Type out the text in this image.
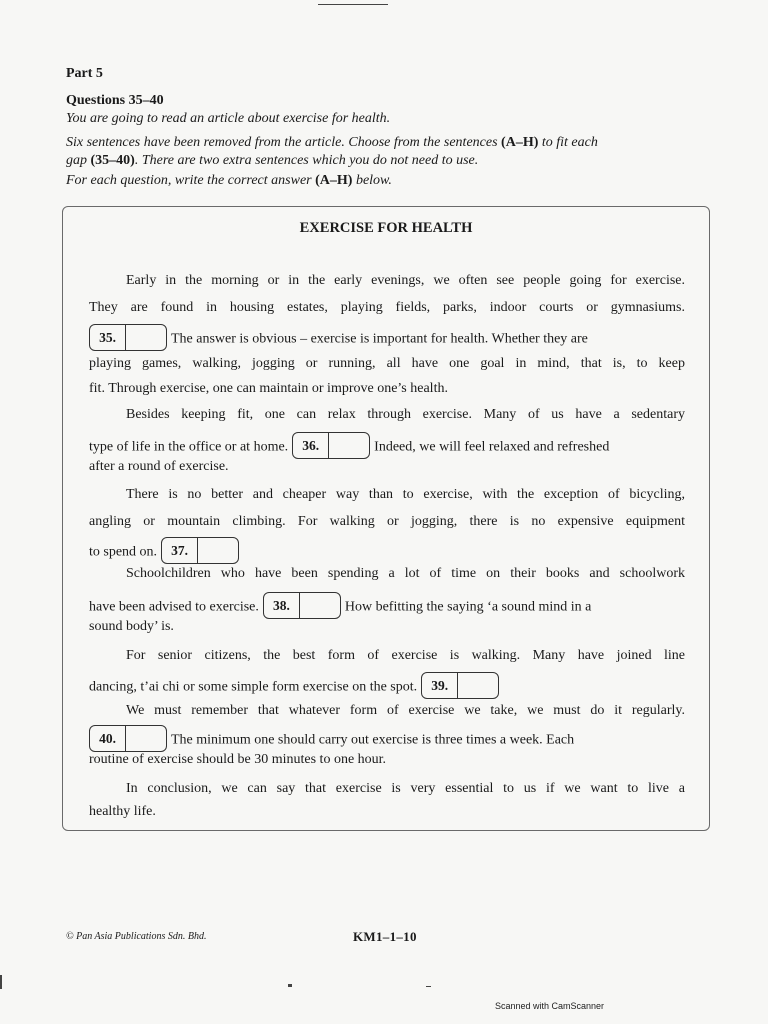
Part 5
Questions 35–40
You are going to read an article about exercise for health.
Six sentences have been removed from the article. Choose from the sentences (A–H) to fit each
gap (35–40). There are two extra sentences which you do not need to use.
For each question, write the correct answer (A–H) below.
EXERCISE FOR HEALTH
Early in the morning or in the early evenings, we often see people going for exercise.
They are found in housing estates, playing fields, parks, indoor courts or gymnasiums.
35.	The answer is obvious – exercise is important for health. Whether they are
playing games, walking, jogging or running, all have one goal in mind, that is, to keep
fit. Through exercise, one can maintain or improve one’s health.
Besides keeping fit, one can relax through exercise. Many of us have a sedentary
type of life in the office or at home. 36.	Indeed, we will feel relaxed and refreshed
after a round of exercise.
There is no better and cheaper way than to exercise, with the exception of bicycling,
angling or mountain climbing. For walking or jogging, there is no expensive equipment
to spend on. 37.
Schoolchildren who have been spending a lot of time on their books and schoolwork
have been advised to exercise. 38.	How befitting the saying ‘a sound mind in a
sound body’ is.
For senior citizens, the best form of exercise is walking. Many have joined line
dancing, t’ai chi or some simple form exercise on the spot. 39.
We must remember that whatever form of exercise we take, we must do it regularly.
40.	The minimum one should carry out exercise is three times a week. Each
routine of exercise should be 30 minutes to one hour.
In conclusion, we can say that exercise is very essential to us if we want to live a
healthy life.
© Pan Asia Publications Sdn. Bhd.	KM1–1–10
Scanned with CamScanner
